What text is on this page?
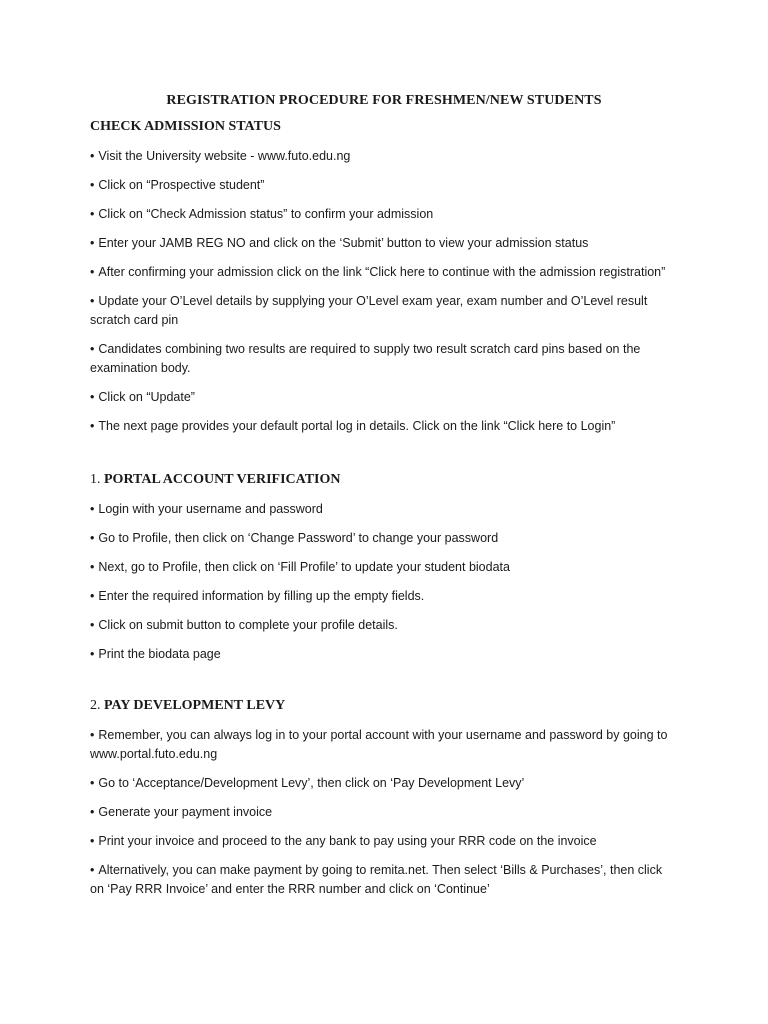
REGISTRATION PROCEDURE FOR FRESHMEN/NEW STUDENTS
CHECK ADMISSION STATUS
• Visit the University website - www.futo.edu.ng
• Click on “Prospective student”
• Click on “Check Admission status” to confirm your admission
• Enter your JAMB REG NO and click on the ‘Submit’ button to view your admission status
• After confirming your admission click on the link “Click here to continue with the admission registration”
• Update your O’Level details by supplying your O’Level exam year, exam number and O’Level result scratch card pin
• Candidates combining two results are required to supply two result scratch card pins based on the examination body.
• Click on “Update”
• The next page provides your default portal log in details. Click on the link “Click here to Login”
1. PORTAL ACCOUNT VERIFICATION
• Login with your username and password
• Go to Profile, then click on ‘Change Password’ to change your password
• Next, go to Profile, then click on ‘Fill Profile’ to update your student biodata
• Enter the required information by filling up the empty fields.
• Click on submit button to complete your profile details.
• Print the biodata page
2. PAY DEVELOPMENT LEVY
• Remember, you can always log in to your portal account with your username and password by going to www.portal.futo.edu.ng
• Go to ‘Acceptance/Development Levy’, then click on ‘Pay Development Levy’
• Generate your payment invoice
• Print your invoice and proceed to the any bank to pay using your RRR code on the invoice
• Alternatively, you can make payment by going to remita.net. Then select ‘Bills & Purchases’, then click on ‘Pay RRR Invoice’ and enter the RRR number and click on ‘Continue’
